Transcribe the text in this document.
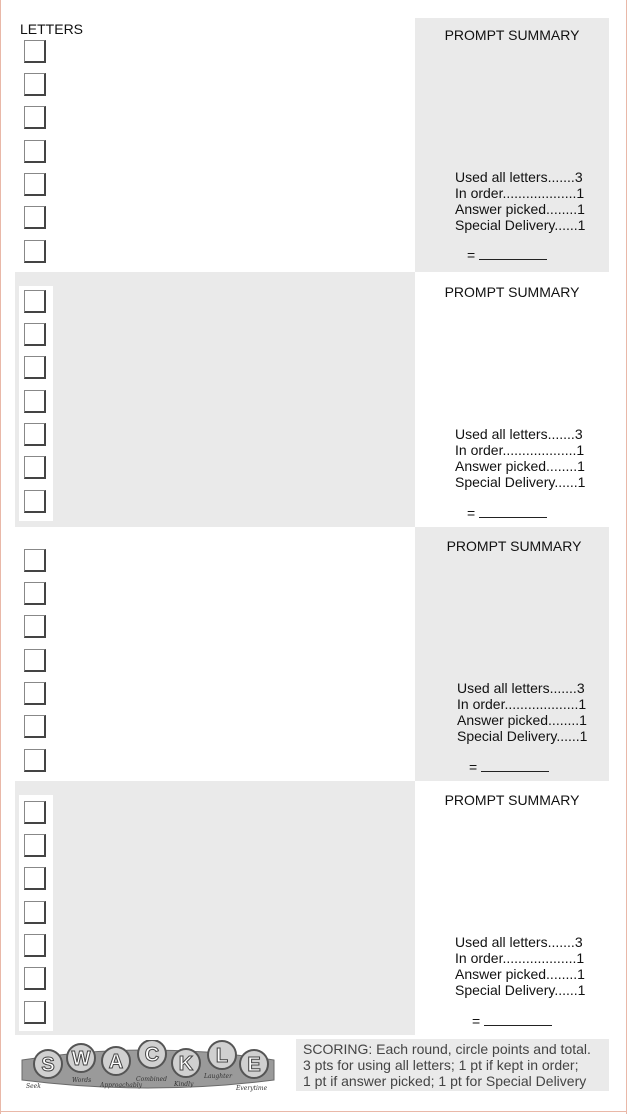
LETTERS	PROMPT SUMMARY
Used all letters.......3
In order...................1
Answer picked........1
Special Delivery......1
=
PROMPT SUMMARY
Used all letters.......3
In order...................1
Answer picked........1
Special Delivery......1
=
PROMPT SUMMARY
Used all letters.......3
In order...................1
Answer picked........1
Special Delivery......1
=
PROMPT SUMMARY
Used all letters.......3
In order...................1
Answer picked........1
Special Delivery......1
=
S W A C K L E
Seek
Words
Approachably
Combined
Kindly
Laughter
Everytime
SCORING: Each round, circle points and total.
3 pts for using all letters; 1 pt if kept in order;
1 pt if answer picked; 1 pt for Special Delivery
